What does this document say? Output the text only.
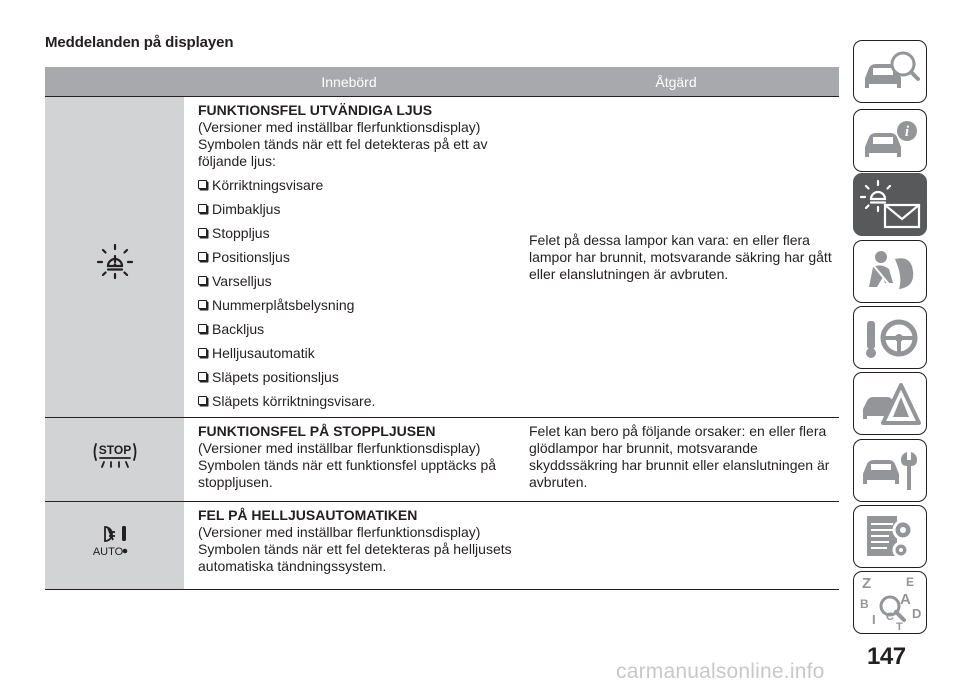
Meddelanden på displayen
Innebörd	Åtgärd
FUNKTIONSFEL UTVÄNDIGA LJUS
(Versioner med inställbar flerfunktionsdisplay)
Symbolen tänds när ett fel detekteras på ett av följande ljus:
Körriktningsvisare
Dimbakljus
Stoppljus
Positionsljus
Varselljus
Nummerplåtsbelysning
Backljus
Helljusautomatik
Släpets positionsljus
Släpets körriktningsvisare.
Felet på dessa lampor kan vara: en eller flera lampor har brunnit, motsvarande säkring har gått eller elanslutningen är avbruten.
STOP
FUNKTIONSFEL PÅ STOPPLJUSEN
(Versioner med inställbar flerfunktionsdisplay)
Symbolen tänds när ett funktionsfel upptäcks på stoppljusen.
Felet kan bero på följande orsaker: en eller flera glödlampor har brunnit, motsvarande skyddssäkring har brunnit eller elanslutningen är avbruten.
AUTO
FEL PÅ HELLJUSAUTOMATIKEN
(Versioner med inställbar flerfunktionsdisplay)
Symbolen tänds när ett fel detekteras på helljusets automatiska tändningssystem.
i
Z	E
B A
I C D
T
147
carmanualsonline.info
